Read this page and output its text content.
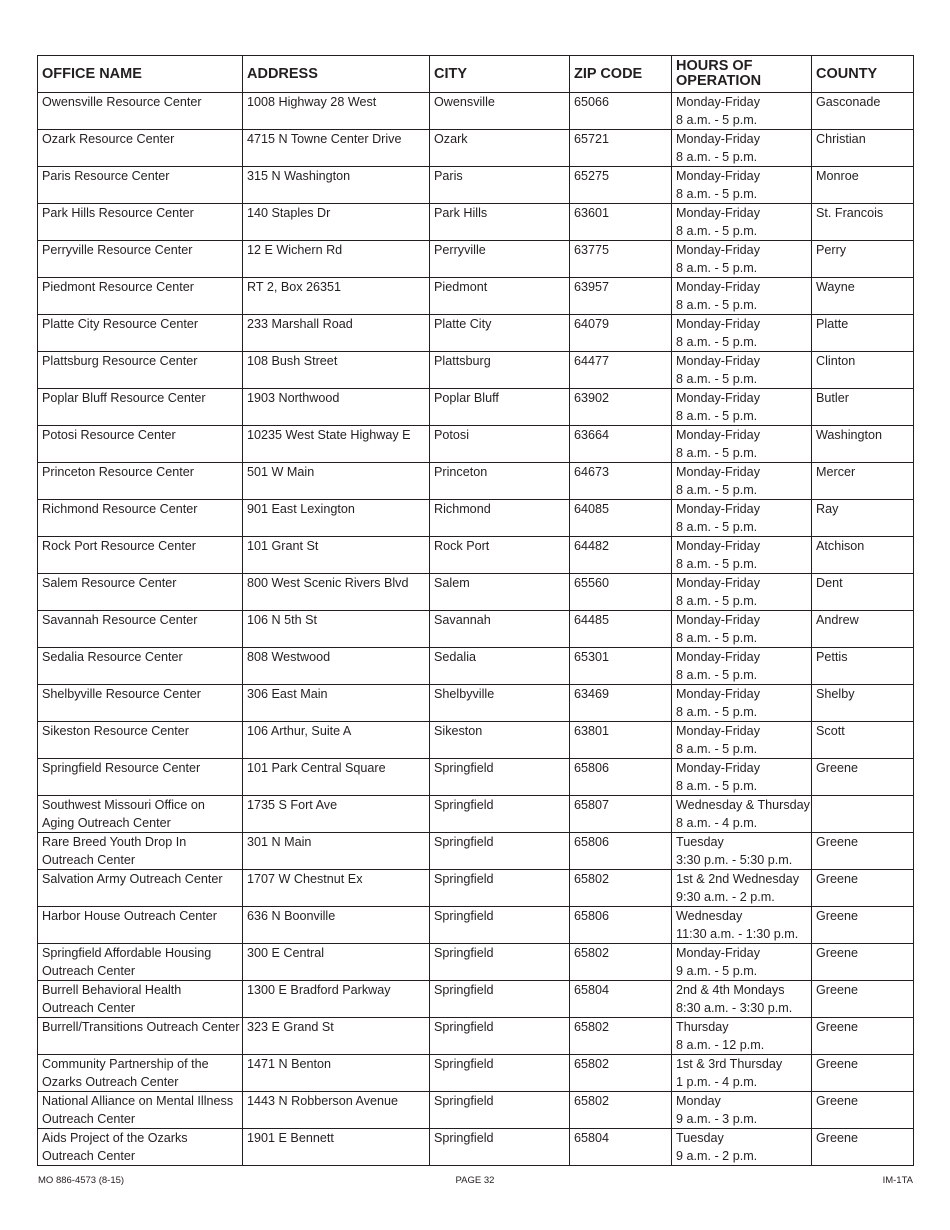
OFFICE NAME	ADDRESS	CITY	ZIP CODE	HOURS OF OPERATION	COUNTY
Owensville Resource Center	1008 Highway 28 West	Owensville	65066	Monday-Friday
8 a.m. - 5 p.m.	Gasconade
Ozark Resource Center	4715 N Towne Center Drive	Ozark	65721	Monday-Friday
8 a.m. - 5 p.m.	Christian
Paris Resource Center	315 N Washington	Paris	65275	Monday-Friday
8 a.m. - 5 p.m.	Monroe
Park Hills Resource Center	140 Staples Dr	Park Hills	63601	Monday-Friday
8 a.m. - 5 p.m.	St. Francois
Perryville Resource Center	12 E Wichern Rd	Perryville	63775	Monday-Friday
8 a.m. - 5 p.m.	Perry
Piedmont Resource Center	RT 2, Box 26351	Piedmont	63957	Monday-Friday
8 a.m. - 5 p.m.	Wayne
Platte City Resource Center	233 Marshall Road	Platte City	64079	Monday-Friday
8 a.m. - 5 p.m.	Platte
Plattsburg Resource Center	108 Bush Street	Plattsburg	64477	Monday-Friday
8 a.m. - 5 p.m.	Clinton
Poplar Bluff Resource Center	1903 Northwood	Poplar Bluff	63902	Monday-Friday
8 a.m. - 5 p.m.	Butler
Potosi Resource Center	10235 West State Highway E	Potosi	63664	Monday-Friday
8 a.m. - 5 p.m.	Washington
Princeton Resource Center	501 W Main	Princeton	64673	Monday-Friday
8 a.m. - 5 p.m.	Mercer
Richmond Resource Center	901 East Lexington	Richmond	64085	Monday-Friday
8 a.m. - 5 p.m.	Ray
Rock Port Resource Center	101 Grant St	Rock Port	64482	Monday-Friday
8 a.m. - 5 p.m.	Atchison
Salem Resource Center	800 West Scenic Rivers Blvd	Salem	65560	Monday-Friday
8 a.m. - 5 p.m.	Dent
Savannah Resource Center	106 N 5th St	Savannah	64485	Monday-Friday
8 a.m. - 5 p.m.	Andrew
Sedalia Resource Center	808 Westwood	Sedalia	65301	Monday-Friday
8 a.m. - 5 p.m.	Pettis
Shelbyville Resource Center	306 East Main	Shelbyville	63469	Monday-Friday
8 a.m. - 5 p.m.	Shelby
Sikeston Resource Center	106 Arthur, Suite A	Sikeston	63801	Monday-Friday
8 a.m. - 5 p.m.	Scott
Springfield Resource Center	101 Park Central Square	Springfield	65806	Monday-Friday
8 a.m. - 5 p.m.	Greene
Southwest Missouri Office on
Aging Outreach Center	1735 S Fort Ave	Springfield	65807	Wednesday & Thursday
8 a.m. - 4 p.m.	
Rare Breed Youth Drop In
Outreach Center	301 N Main	Springfield	65806	Tuesday
3:30 p.m. - 5:30 p.m.	Greene
Salvation Army Outreach Center	1707 W Chestnut Ex	Springfield	65802	1st & 2nd Wednesday
9:30 a.m. - 2 p.m.	Greene
Harbor House Outreach Center	636 N Boonville	Springfield	65806	Wednesday
11:30 a.m. - 1:30 p.m.	Greene
Springfield Affordable Housing
Outreach Center	300 E Central	Springfield	65802	Monday-Friday
9 a.m. - 5 p.m.	Greene
Burrell Behavioral Health
Outreach Center	1300 E Bradford Parkway	Springfield	65804	2nd & 4th Mondays
8:30 a.m. - 3:30 p.m.	Greene
Burrell/Transitions Outreach Center	323 E Grand St	Springfield	65802	Thursday
8 a.m. - 12 p.m.	Greene
Community Partnership of the
Ozarks Outreach Center	1471 N Benton	Springfield	65802	1st & 3rd Thursday
1 p.m. - 4 p.m.	Greene
National Alliance on Mental Illness
Outreach Center	1443 N Robberson Avenue	Springfield	65802	Monday
9 a.m. - 3 p.m.	Greene
Aids Project of the Ozarks
Outreach Center	1901 E Bennett	Springfield	65804	Tuesday
9 a.m. - 2 p.m.	Greene
MO 886-4573 (8-15)	PAGE 32	IM-1TA
